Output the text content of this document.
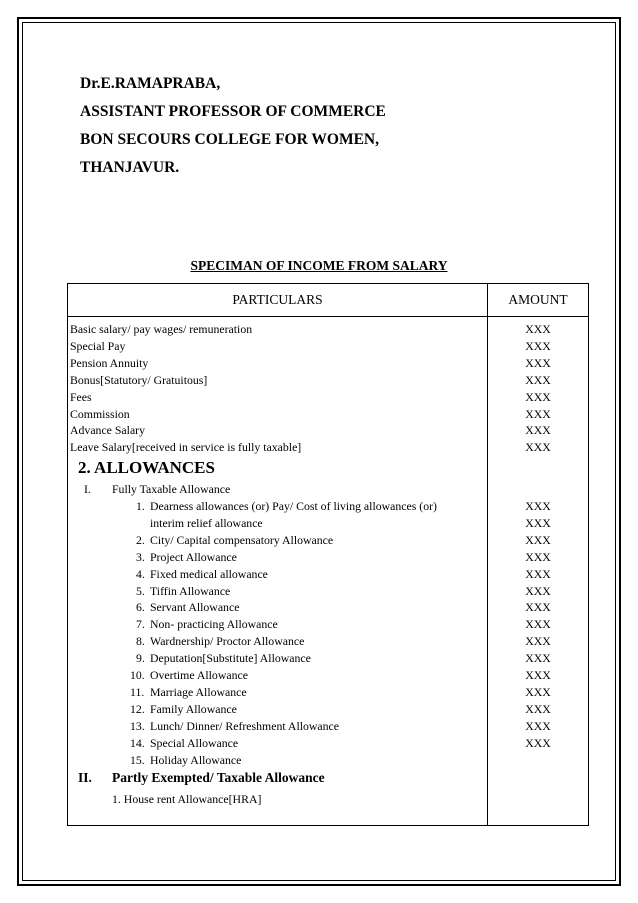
Dr.E.RAMAPRABA,
ASSISTANT PROFESSOR OF COMMERCE
BON SECOURS COLLEGE FOR WOMEN,
THANJAVUR.
SPECIMAN OF INCOME FROM SALARY
PARTICULARS	AMOUNT
2. ALLOWANCES
I. Fully Taxable Allowance
II. Partly Exempted/ Taxable Allowance
Basic salary/ pay wages/ remuneration
Special Pay
Pension Annuity
Bonus[Statutory/ Gratuitous]
Fees
Commission
Advance Salary
Leave Salary[received in service is fully taxable]
XXX
XXX
XXX
XXX
XXX
XXX
XXX
XXX
1. Dearness allowances (or) Pay/ Cost of living allowances (or)
interim relief allowance
2. City/ Capital compensatory Allowance
3. Project Allowance
4. Fixed medical allowance
5. Tiffin Allowance
6. Servant Allowance
7. Non- practicing Allowance
8. Wardnership/ Proctor Allowance
9. Deputation[Substitute] Allowance
10. Overtime Allowance
11. Marriage Allowance
12. Family Allowance
13. Lunch/ Dinner/ Refreshment Allowance
14. Special Allowance
15. Holiday Allowance
XXX
XXX
XXX
XXX
XXX
XXX
XXX
XXX
XXX
XXX
XXX
XXX
XXX
XXX
XXX
1. House rent Allowance[HRA]
